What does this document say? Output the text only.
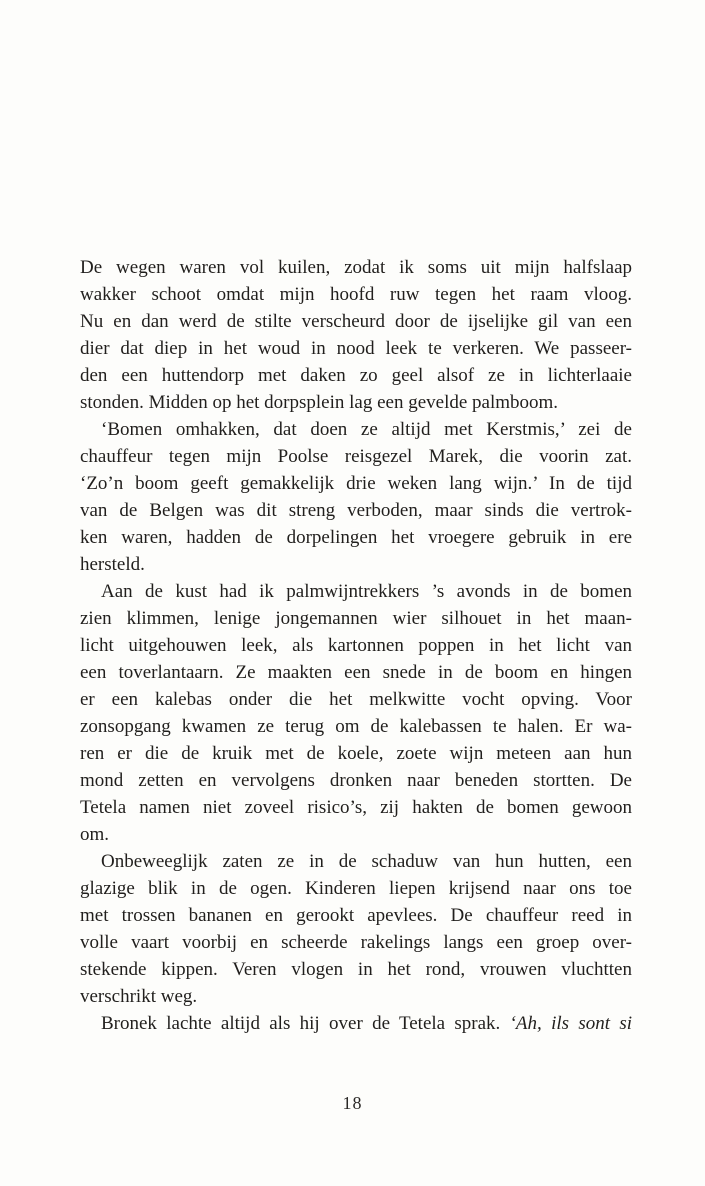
De wegen waren vol kuilen, zodat ik soms uit mijn halfslaap
wakker schoot omdat mijn hoofd ruw tegen het raam vloog.
Nu en dan werd de stilte verscheurd door de ijselijke gil van een
dier dat diep in het woud in nood leek te verkeren. We passeer-
den een huttendorp met daken zo geel alsof ze in lichterlaaie
stonden. Midden op het dorpsplein lag een gevelde palmboom.
‘Bomen omhakken, dat doen ze altijd met Kerstmis,’ zei de
chauffeur tegen mijn Poolse reisgezel Marek, die voorin zat.
‘Zo’n boom geeft gemakkelijk drie weken lang wijn.’ In de tijd
van de Belgen was dit streng verboden, maar sinds die vertrok-
ken waren, hadden de dorpelingen het vroegere gebruik in ere
hersteld.
Aan de kust had ik palmwijntrekkers ’s avonds in de bomen
zien klimmen, lenige jongemannen wier silhouet in het maan-
licht uitgehouwen leek, als kartonnen poppen in het licht van
een toverlantaarn. Ze maakten een snede in de boom en hingen
er een kalebas onder die het melkwitte vocht opving. Voor
zonsopgang kwamen ze terug om de kalebassen te halen. Er wa-
ren er die de kruik met de koele, zoete wijn meteen aan hun
mond zetten en vervolgens dronken naar beneden stortten. De
Tetela namen niet zoveel risico’s, zij hakten de bomen gewoon
om.
Onbeweeglijk zaten ze in de schaduw van hun hutten, een
glazige blik in de ogen. Kinderen liepen krijsend naar ons toe
met trossen bananen en gerookt apevlees. De chauffeur reed in
volle vaart voorbij en scheerde rakelings langs een groep over-
stekende kippen. Veren vlogen in het rond, vrouwen vluchtten
verschrikt weg.
Bronek lachte altijd als hij over de Tetela sprak. ‘Ah, ils sont si
18
